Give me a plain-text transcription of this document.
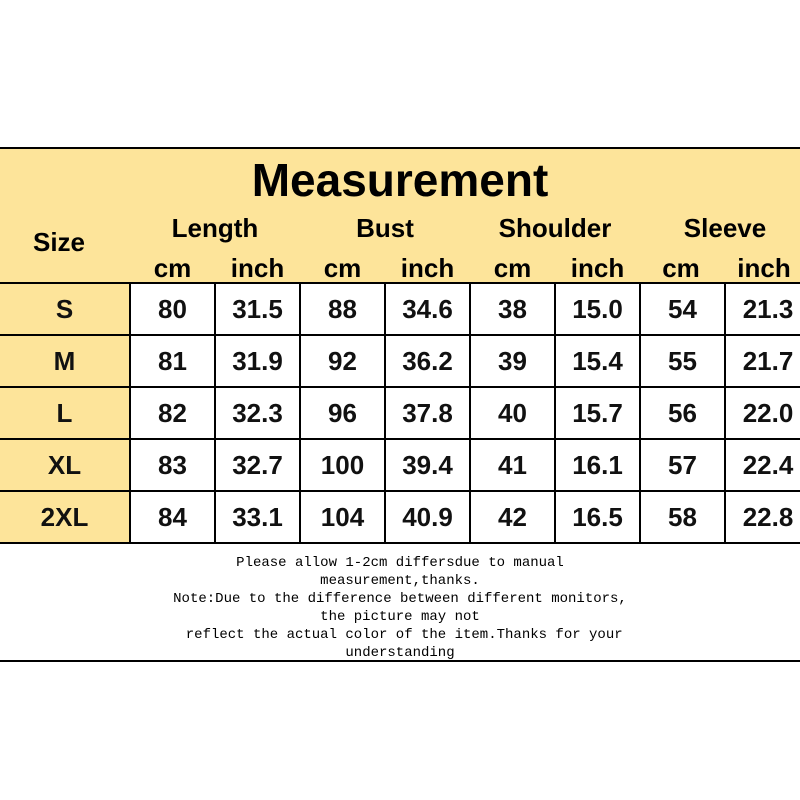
Measurement
Size	Length	Bust	Shoulder	Sleeve
cm	inch	cm	inch	cm	inch	cm	inch
S	80	31.5	88	34.6	38	15.0	54	21.3
M	81	31.9	92	36.2	39	15.4	55	21.7
L	82	32.3	96	37.8	40	15.7	56	22.0
XL	83	32.7	100	39.4	41	16.1	57	22.4
2XL	84	33.1	104	40.9	42	16.5	58	22.8
Please allow 1-2cm differsdue to manual
measurement,thanks.
Note:Due to the difference between different monitors,
the picture may not
reflect the actual color of the item.Thanks for your
understanding
